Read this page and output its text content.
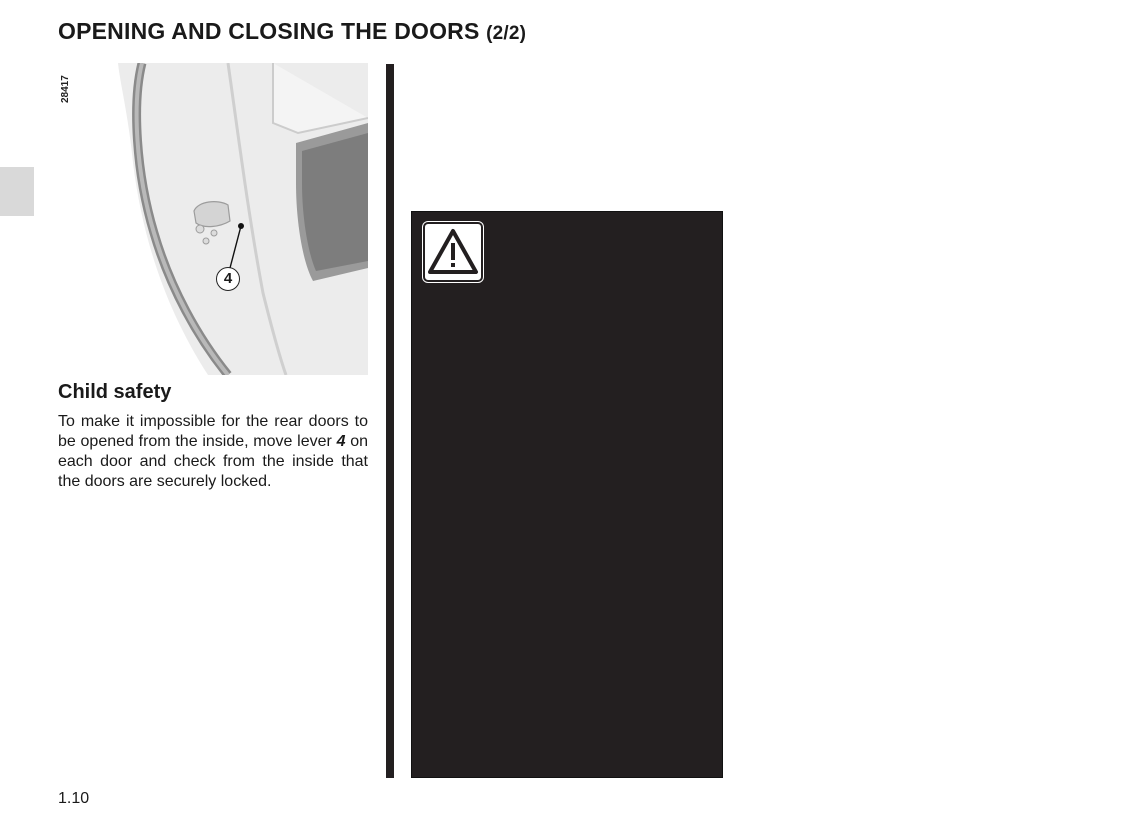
OPENING AND CLOSING THE DOORS (2/2)
28417
4
Child safety

To make it impossible for the rear doors to be opened from the inside, move lever 4 on each door and check from the inside that the doors are securely locked.

1.10
